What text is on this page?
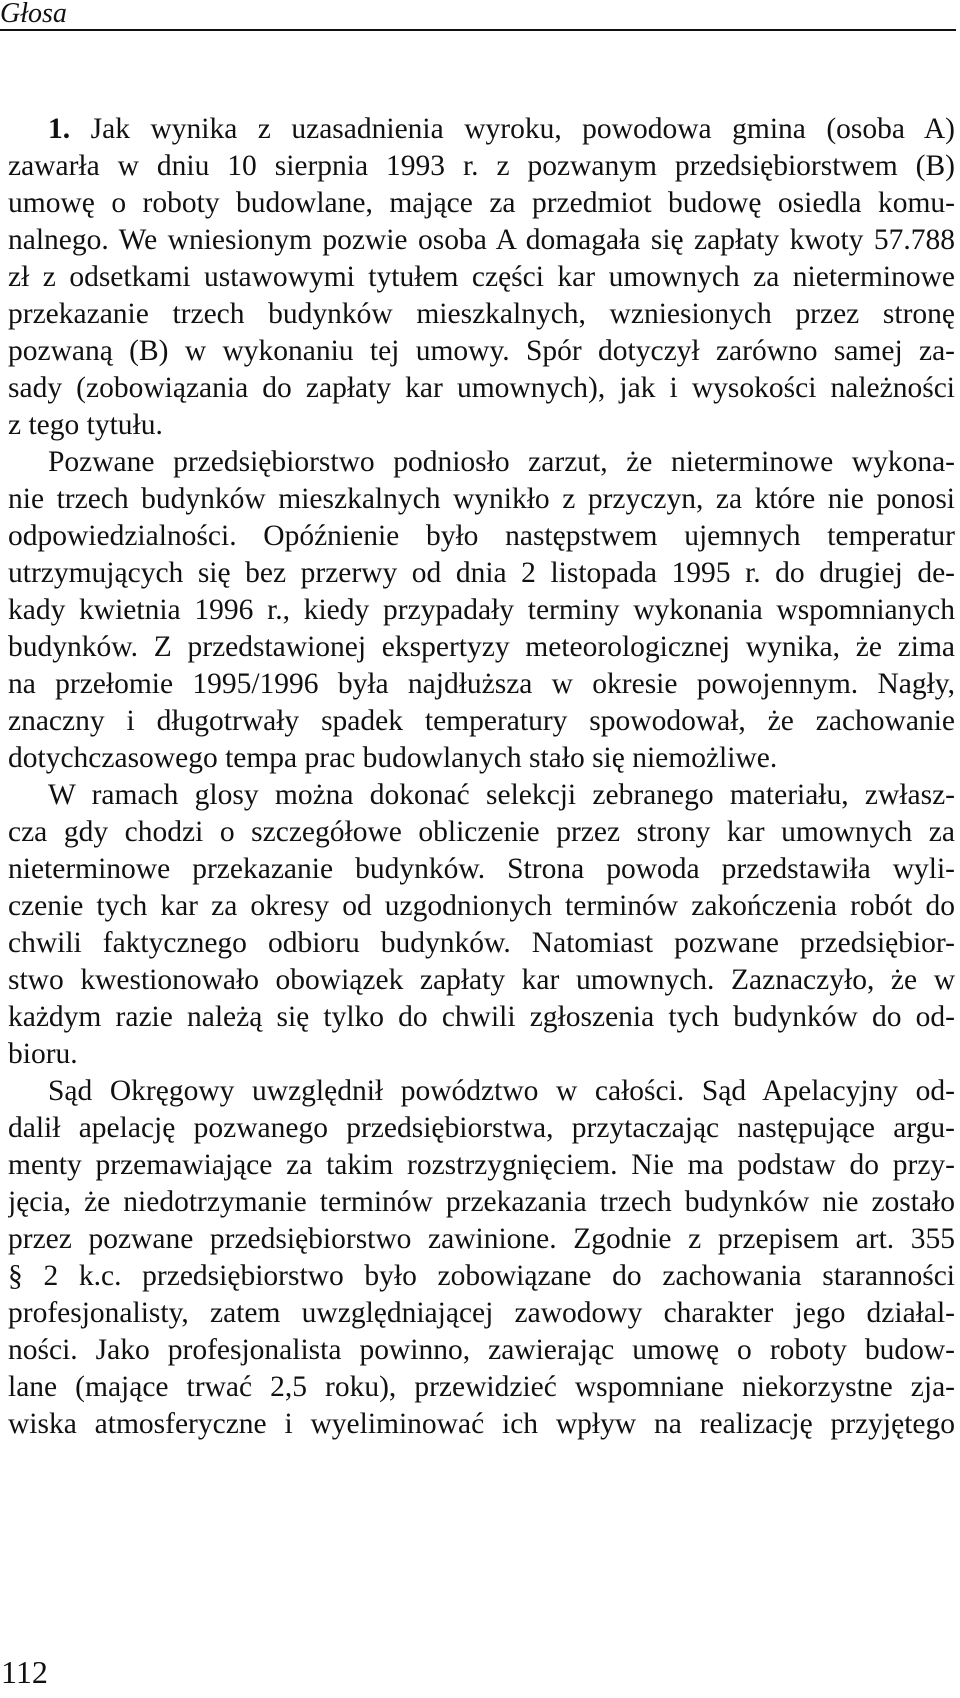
Głosa
1. Jak wynika z uzasadnienia wyroku, powodowa gmina (osoba A)
zawarła w dniu 10 sierpnia 1993 r. z pozwanym przedsiębiorstwem (B)
umowę o roboty budowlane, mające za przedmiot budowę osiedla komu-
nalnego. We wniesionym pozwie osoba A domagała się zapłaty kwoty 57.788
zł z odsetkami ustawowymi tytułem części kar umownych za nieterminowe
przekazanie trzech budynków mieszkalnych, wzniesionych przez stronę
pozwaną (B) w wykonaniu tej umowy. Spór dotyczył zarówno samej za-
sady (zobowiązania do zapłaty kar umownych), jak i wysokości należności
z tego tytułu.
Pozwane przedsiębiorstwo podniosło zarzut, że nieterminowe wykona-
nie trzech budynków mieszkalnych wynikło z przyczyn, za które nie ponosi
odpowiedzialności. Opóźnienie było następstwem ujemnych temperatur
utrzymujących się bez przerwy od dnia 2 listopada 1995 r. do drugiej de-
kady kwietnia 1996 r., kiedy przypadały terminy wykonania wspomnianych
budynków. Z przedstawionej ekspertyzy meteorologicznej wynika, że zima
na przełomie 1995/1996 była najdłuższa w okresie powojennym. Nagły,
znaczny i długotrwały spadek temperatury spowodował, że zachowanie
dotychczasowego tempa prac budowlanych stało się niemożliwe.
W ramach glosy można dokonać selekcji zebranego materiału, zwłasz-
cza gdy chodzi o szczegółowe obliczenie przez strony kar umownych za
nieterminowe przekazanie budynków. Strona powoda przedstawiła wyli-
czenie tych kar za okresy od uzgodnionych terminów zakończenia robót do
chwili faktycznego odbioru budynków. Natomiast pozwane przedsiębior-
stwo kwestionowało obowiązek zapłaty kar umownych. Zaznaczyło, że w
każdym razie należą się tylko do chwili zgłoszenia tych budynków do od-
bioru.
Sąd Okręgowy uwzględnił powództwo w całości. Sąd Apelacyjny od-
dalił apelację pozwanego przedsiębiorstwa, przytaczając następujące argu-
menty przemawiające za takim rozstrzygnięciem. Nie ma podstaw do przy-
jęcia, że niedotrzymanie terminów przekazania trzech budynków nie zostało
przez pozwane przedsiębiorstwo zawinione. Zgodnie z przepisem art. 355
§ 2 k.c. przedsiębiorstwo było zobowiązane do zachowania staranności
profesjonalisty, zatem uwzględniającej zawodowy charakter jego działal-
ności. Jako profesjonalista powinno, zawierając umowę o roboty budow-
lane (mające trwać 2,5 roku), przewidzieć wspomniane niekorzystne zja-
wiska atmosferyczne i wyeliminować ich wpływ na realizację przyjętego
112
